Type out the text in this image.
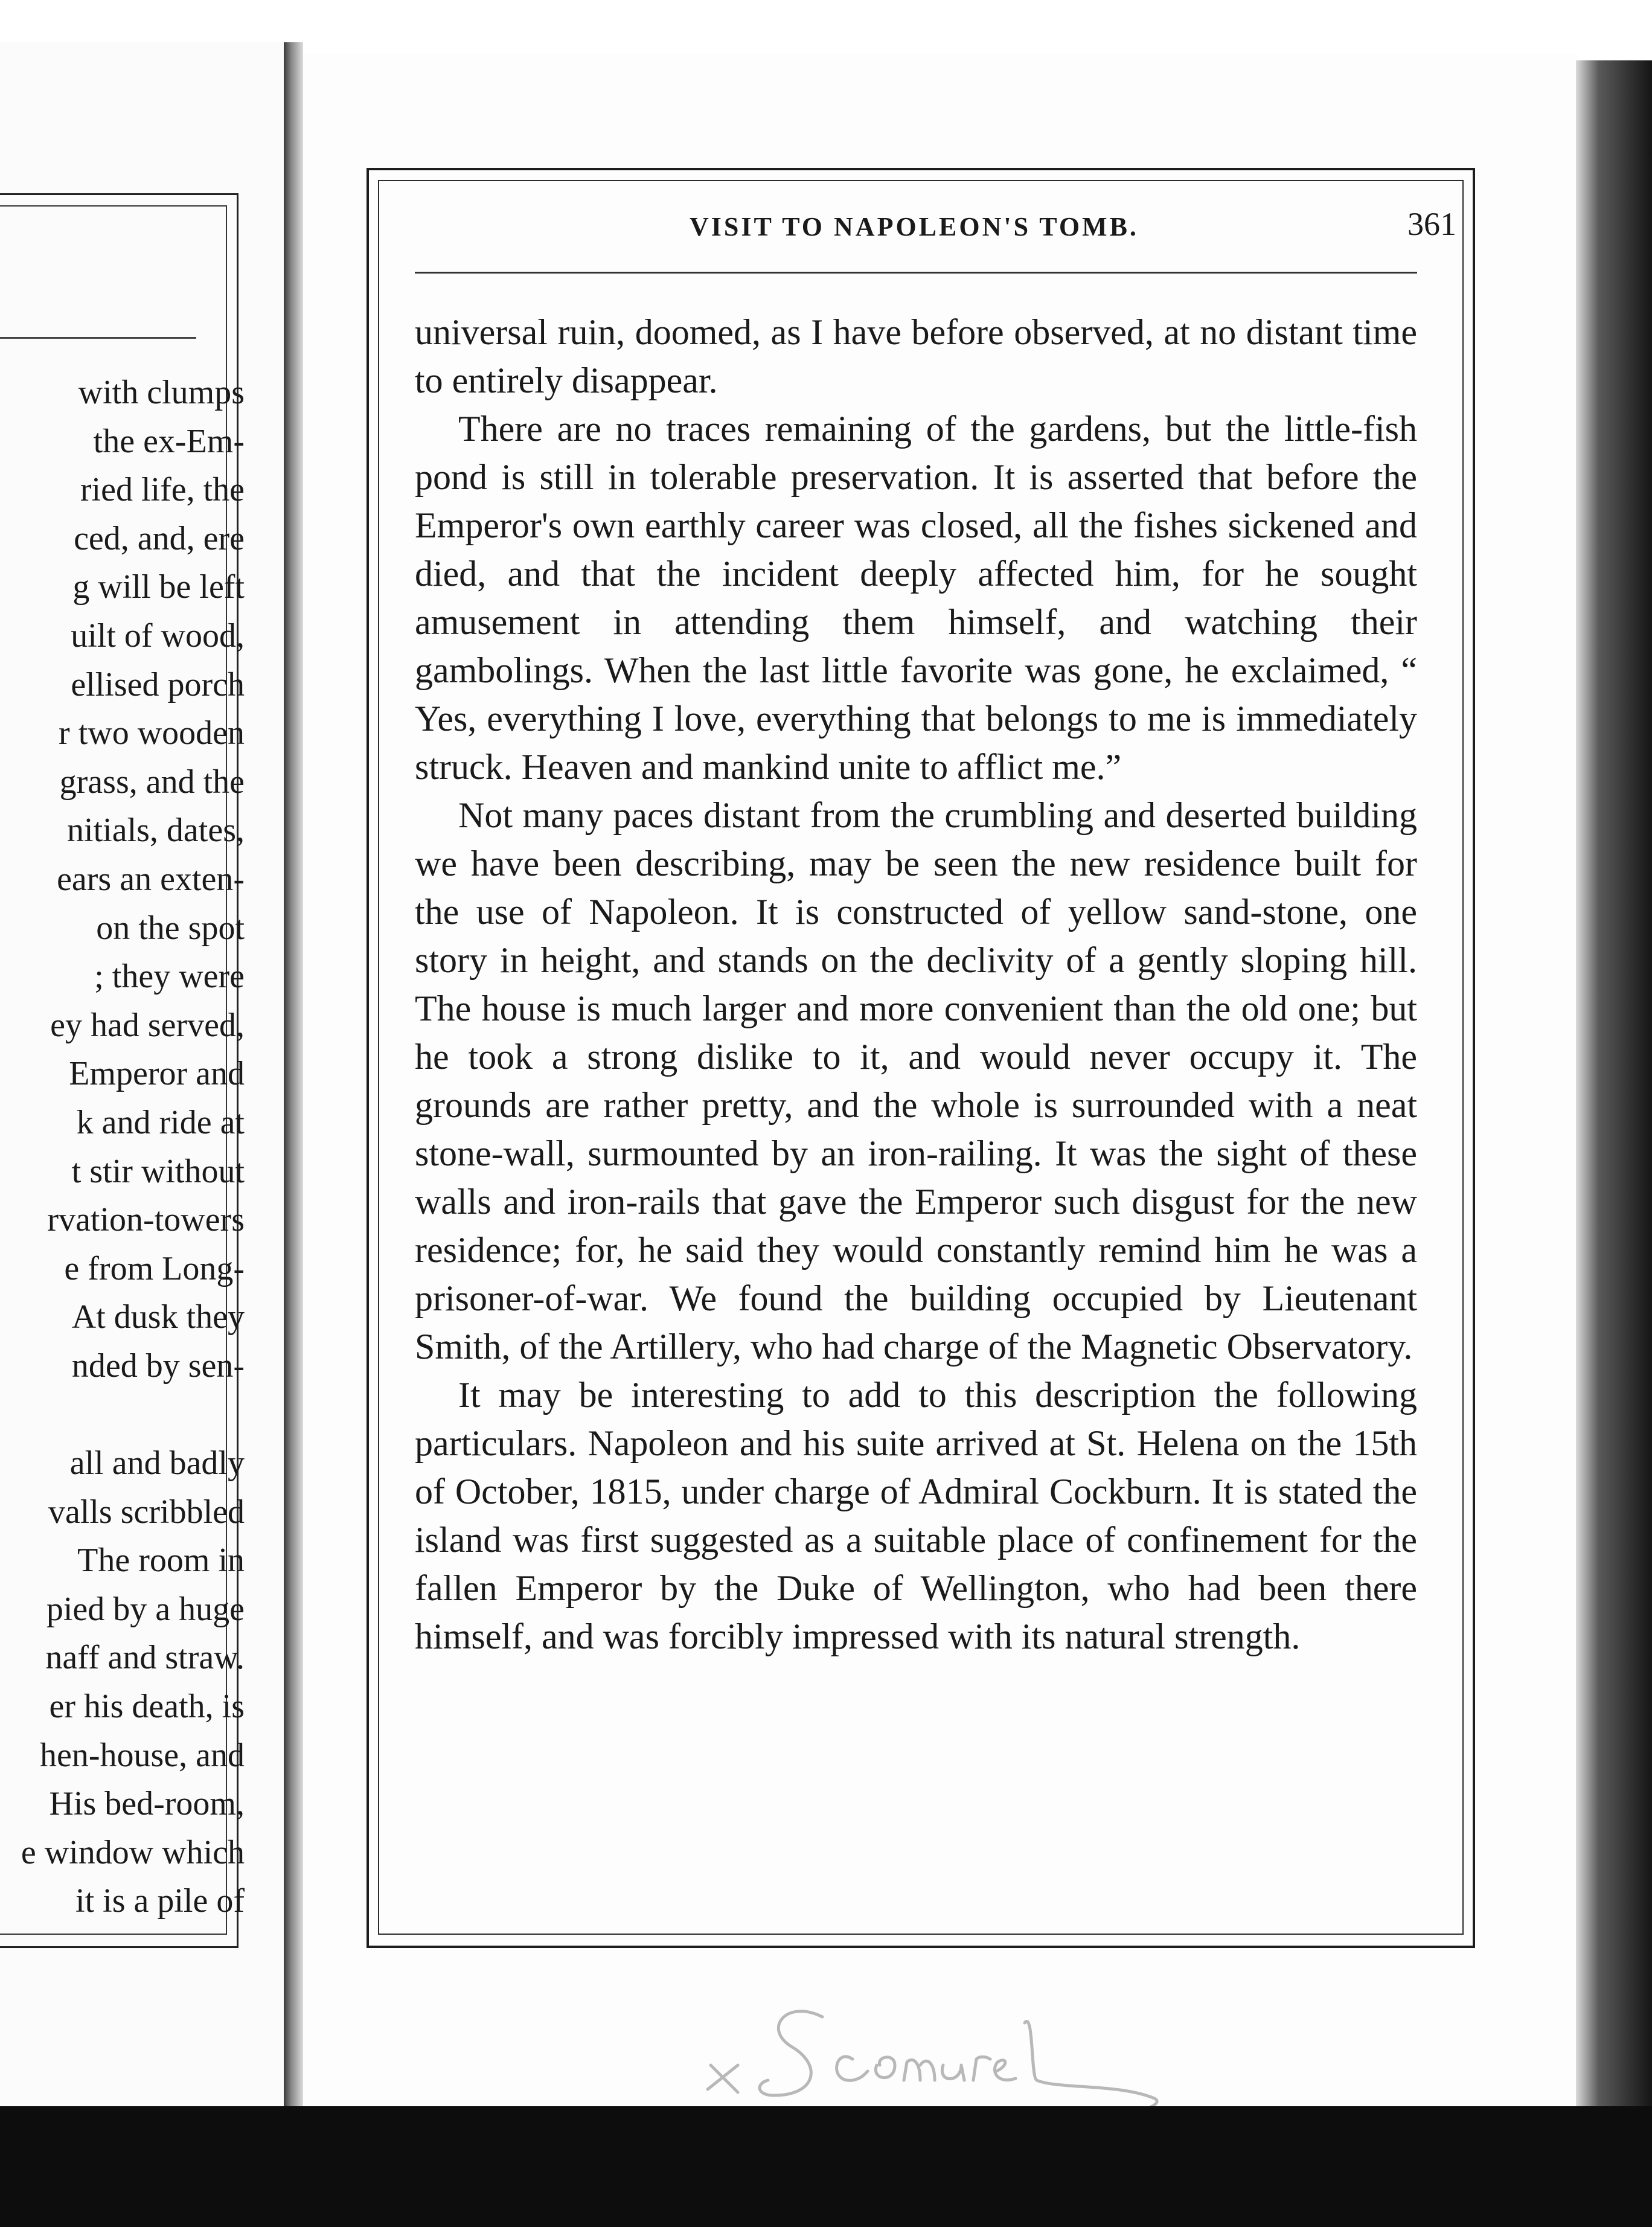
with clumps
the ex-Em-
ried life, the
ced, and, ere
g will be left
uilt of wood,
ellised porch
r two wooden
grass, and the
nitials, dates,
ears an exten-
on the spot
; they were
ey had served,
Emperor and
k and ride at
t stir without
rvation-towers
e from Long-
At dusk they
nded by sen-

all and badly
valls scribbled
The room in
pied by a huge
naff and straw.
er his death, is
hen-house, and
His bed-room,
e window which
it is a pile of
VISIT TO NAPOLEON'S TOMB.	361

universal ruin, doomed, as I have before observed, at no distant time to entirely disappear.

There are no traces remaining of the gardens, but the little-fish pond is still in tolerable preservation. It is asserted that before the Emperor's own earthly career was closed, all the fishes sickened and died, and that the incident deeply affected him, for he sought amusement in attending them himself, and watching their gambolings. When the last little favorite was gone, he exclaimed, “ Yes, everything I love, everything that belongs to me is immediately struck. Heaven and mankind unite to afflict me.”

Not many paces distant from the crumbling and deserted building we have been describing, may be seen the new residence built for the use of Napoleon. It is constructed of yellow sand-stone, one story in height, and stands on the declivity of a gently sloping hill. The house is much larger and more convenient than the old one; but he took a strong dislike to it, and would never occupy it. The grounds are rather pretty, and the whole is surrounded with a neat stone-wall, surmounted by an iron-railing. It was the sight of these walls and iron-rails that gave the Emperor such disgust for the new residence; for, he said they would constantly remind him he was a prisoner-of-war. We found the building occupied by Lieutenant Smith, of the Artillery, who had charge of the Magnetic Observatory.

It may be interesting to add to this description the following particulars. Napoleon and his suite arrived at St. Helena on the 15th of October, 1815, under charge of Admiral Cockburn. It is stated the island was first suggested as a suitable place of confinement for the fallen Emperor by the Duke of Wellington, who had been there himself, and was forcibly impressed with its natural strength.
